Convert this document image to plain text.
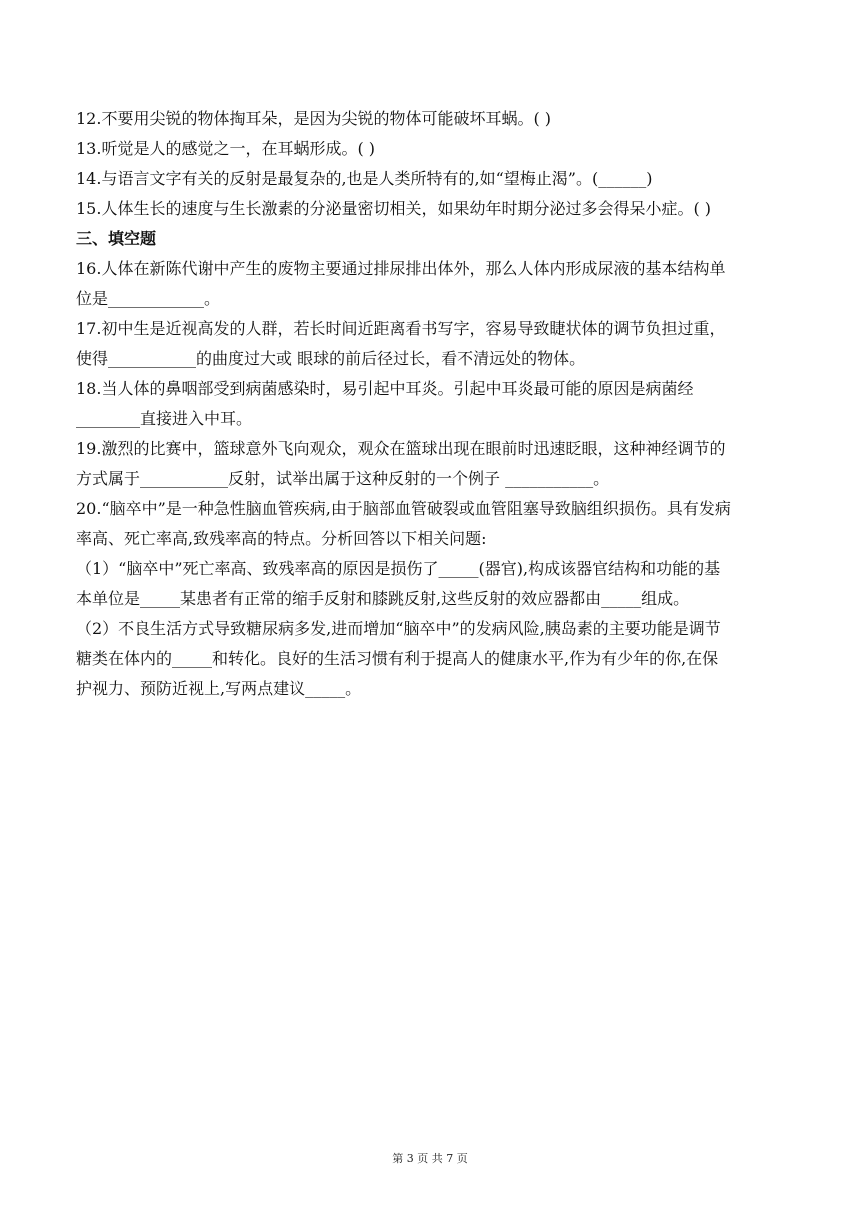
12.不要用尖锐的物体掏耳朵，是因为尖锐的物体可能破坏耳蜗。( )
13.听觉是人的感觉之一，在耳蜗形成。( )
14.与语言文字有关的反射是最复杂的,也是人类所特有的,如“望梅止渴”。(______)
15.人体生长的速度与生长激素的分泌量密切相关，如果幼年时期分泌过多会得呆小症。( )
三、填空题
16.人体在新陈代谢中产生的废物主要通过排尿排出体外，那么人体内形成尿液的基本结构单
位是____________。
17.初中生是近视高发的人群，若长时间近距离看书写字，容易导致睫状体的调节负担过重，
使得___________的曲度过大或 眼球的前后径过长，看不清远处的物体。
18.当人体的鼻咽部受到病菌感染时，易引起中耳炎。引起中耳炎最可能的原因是病菌经
________直接进入中耳。
19.激烈的比赛中，篮球意外飞向观众，观众在篮球出现在眼前时迅速眨眼，这种神经调节的
方式属于___________反射，试举出属于这种反射的一个例子 ___________。
20.“脑卒中”是一种急性脑血管疾病,由于脑部血管破裂或血管阻塞导致脑组织损伤。具有发病
率高、死亡率高,致残率高的特点。分析回答以下相关问题:
（1）“脑卒中”死亡率高、致残率高的原因是损伤了_____(器官),构成该器官结构和功能的基
本单位是_____某患者有正常的缩手反射和膝跳反射,这些反射的效应器都由_____组成。
（2）不良生活方式导致糖尿病多发,进而增加“脑卒中”的发病风险,胰岛素的主要功能是调节
糖类在体内的_____和转化。良好的生活习惯有利于提高人的健康水平,作为有少年的你,在保
护视力、预防近视上,写两点建议_____。
第 3 页 共 7 页
